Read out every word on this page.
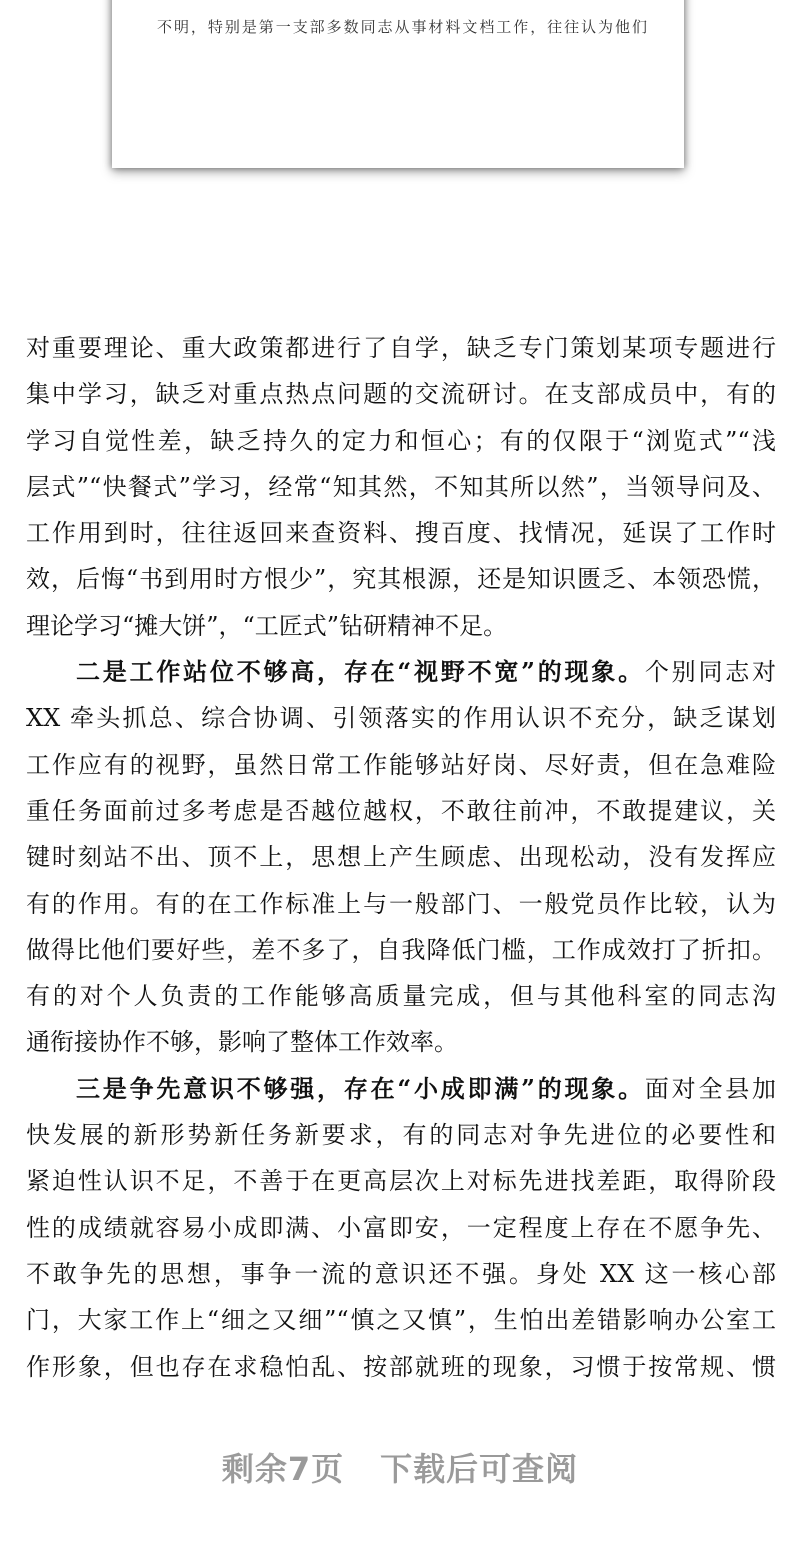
不明，特别是第一支部多数同志从事材料文档工作，往往认为他们
对重要理论、重大政策都进行了自学，缺乏专门策划某项专题进行
集中学习，缺乏对重点热点问题的交流研讨。在支部成员中，有的
学习自觉性差，缺乏持久的定力和恒心；有的仅限于“浏览式”“浅
层式”“快餐式”学习，经常“知其然，不知其所以然”，当领导问及、
工作用到时，往往返回来查资料、搜百度、找情况，延误了工作时
效，后悔“书到用时方恨少”，究其根源，还是知识匮乏、本领恐慌，
理论学习“摊大饼”，“工匠式”钻研精神不足。
二是工作站位不够高，存在“视野不宽”的现象。个别同志对
XX 牵头抓总、综合协调、引领落实的作用认识不充分，缺乏谋划
工作应有的视野，虽然日常工作能够站好岗、尽好责，但在急难险
重任务面前过多考虑是否越位越权，不敢往前冲，不敢提建议，关
键时刻站不出、顶不上，思想上产生顾虑、出现松动，没有发挥应
有的作用。有的在工作标准上与一般部门、一般党员作比较，认为
做得比他们要好些，差不多了，自我降低门槛，工作成效打了折扣。
有的对个人负责的工作能够高质量完成，但与其他科室的同志沟
通衔接协作不够，影响了整体工作效率。
三是争先意识不够强，存在“小成即满”的现象。面对全县加
快发展的新形势新任务新要求，有的同志对争先进位的必要性和
紧迫性认识不足，不善于在更高层次上对标先进找差距，取得阶段
性的成绩就容易小成即满、小富即安，一定程度上存在不愿争先、
不敢争先的思想，事争一流的意识还不强。身处 XX 这一核心部
门，大家工作上“细之又细”“慎之又慎”，生怕出差错影响办公室工
作形象，但也存在求稳怕乱、按部就班的现象，习惯于按常规、惯
剩余7页 下载后可查阅
